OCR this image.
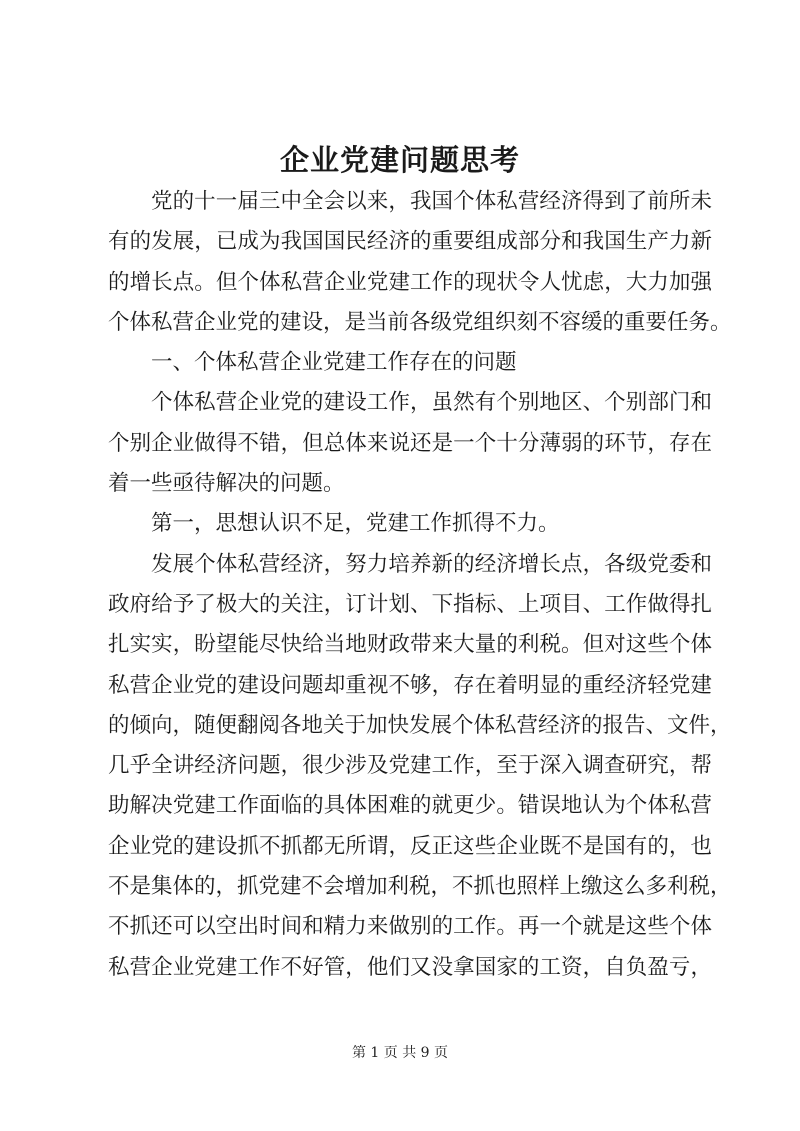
企业党建问题思考
党的十一届三中全会以来，我国个体私营经济得到了前所未
有的发展，已成为我国国民经济的重要组成部分和我国生产力新
的增长点。但个体私营企业党建工作的现状令人忧虑，大力加强
个体私营企业党的建设，是当前各级党组织刻不容缓的重要任务。
一、个体私营企业党建工作存在的问题
个体私营企业党的建设工作，虽然有个别地区、个别部门和
个别企业做得不错，但总体来说还是一个十分薄弱的环节，存在
着一些亟待解决的问题。
第一，思想认识不足，党建工作抓得不力。
发展个体私营经济，努力培养新的经济增长点，各级党委和
政府给予了极大的关注，订计划、下指标、上项目、工作做得扎
扎实实，盼望能尽快给当地财政带来大量的利税。但对这些个体
私营企业党的建设问题却重视不够，存在着明显的重经济轻党建
的倾向，随便翻阅各地关于加快发展个体私营经济的报告、文件，
几乎全讲经济问题，很少涉及党建工作，至于深入调查研究，帮
助解决党建工作面临的具体困难的就更少。错误地认为个体私营
企业党的建设抓不抓都无所谓，反正这些企业既不是国有的，也
不是集体的，抓党建不会增加利税，不抓也照样上缴这么多利税，
不抓还可以空出时间和精力来做别的工作。再一个就是这些个体
私营企业党建工作不好管，他们又没拿国家的工资，自负盈亏，
第 1 页 共 9 页
